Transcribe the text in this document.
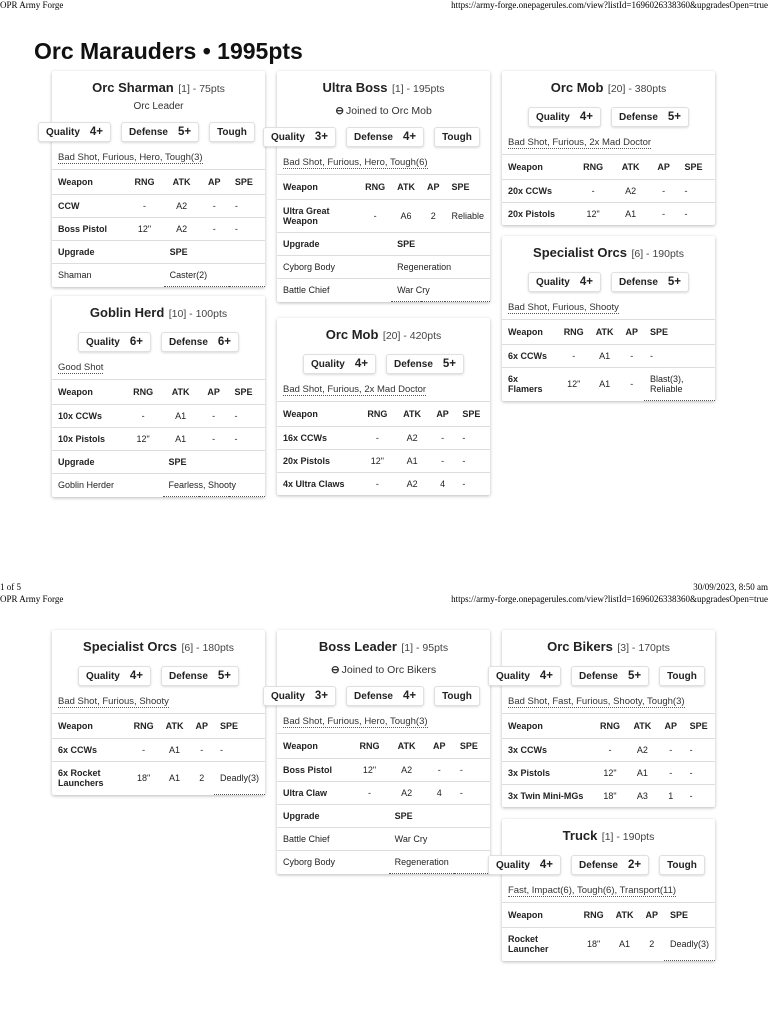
OPR Army Forge	https://army-forge.onepagerules.com/view?listId=1696026338360&upgradesOpen=true
Orc Marauders • 1995pts
Orc Sharman [1] - 75pts
Orc Leader
Quality 4+	Defense 5+	Tough
Bad Shot, Furious, Hero, Tough(3)
Weapon	RNG	ATK	AP	SPE
CCW	-	A2	-	-
Boss Pistol	12"	A2	-	-
Upgrade		SPE		
Shaman		Caster(2)		
Goblin Herd [10] - 100pts
Quality 6+	Defense 6+
Good Shot
Weapon	RNG	ATK	AP	SPE
10x CCWs	-	A1	-	-
10x Pistols	12"	A1	-	-
Upgrade		SPE		
Goblin Herder		Fearless, Shooty		
Ultra Boss [1] - 195pts
⊖ Joined to Orc Mob
Quality 3+	Defense 4+	Tough
Bad Shot, Furious, Hero, Tough(6)
Weapon	RNG	ATK	AP	SPE
Ultra Great Weapon	-	A6	2	Reliable
Upgrade		SPE		
Cyborg Body		Regeneration		
Battle Chief		War Cry		
Orc Mob [20] - 420pts
Quality 4+	Defense 5+
Bad Shot, Furious, 2x Mad Doctor
Weapon	RNG	ATK	AP	SPE
16x CCWs	-	A2	-	-
20x Pistols	12"	A1	-	-
4x Ultra Claws	-	A2	4	-
Orc Mob [20] - 380pts
Quality 4+	Defense 5+
Bad Shot, Furious, 2x Mad Doctor
Weapon	RNG	ATK	AP	SPE
20x CCWs	-	A2	-	-
20x Pistols	12"	A1	-	-
Specialist Orcs [6] - 190pts
Quality 4+	Defense 5+
Bad Shot, Furious, Shooty
Weapon	RNG	ATK	AP	SPE
6x CCWs	-	A1	-	-
6x Flamers	12"	A1	-	Blast(3), Reliable
Specialist Orcs [6] - 180pts
Quality 4+	Defense 5+
Bad Shot, Furious, Shooty
Weapon	RNG	ATK	AP	SPE
6x CCWs	-	A1	-	-
6x Rocket Launchers	18"	A1	2	Deadly(3)
Boss Leader [1] - 95pts
⊖ Joined to Orc Bikers
Quality 3+	Defense 4+	Tough
Bad Shot, Furious, Hero, Tough(3)
Weapon	RNG	ATK	AP	SPE
Boss Pistol	12"	A2	-	-
Ultra Claw	-	A2	4	-
Upgrade		SPE		
Battle Chief		War Cry		
Cyborg Body		Regeneration		
Orc Bikers [3] - 170pts
Quality 4+	Defense 5+	Tough
Bad Shot, Fast, Furious, Shooty, Tough(3)
Weapon	RNG	ATK	AP	SPE
3x CCWs	-	A2	-	-
3x Pistols	12"	A1	-	-
3x Twin Mini-MGs	18"	A3	1	-
Truck [1] - 190pts
Quality 4+	Defense 2+	Tough
Fast, Impact(6), Tough(6), Transport(11)
Weapon	RNG	ATK	AP	SPE
Rocket Launcher	18"	A1	2	Deadly(3)
1 of 5	30/09/2023, 8:50 am
OPR Army Forge	https://army-forge.onepagerules.com/view?listId=1696026338360&upgradesOpen=true
